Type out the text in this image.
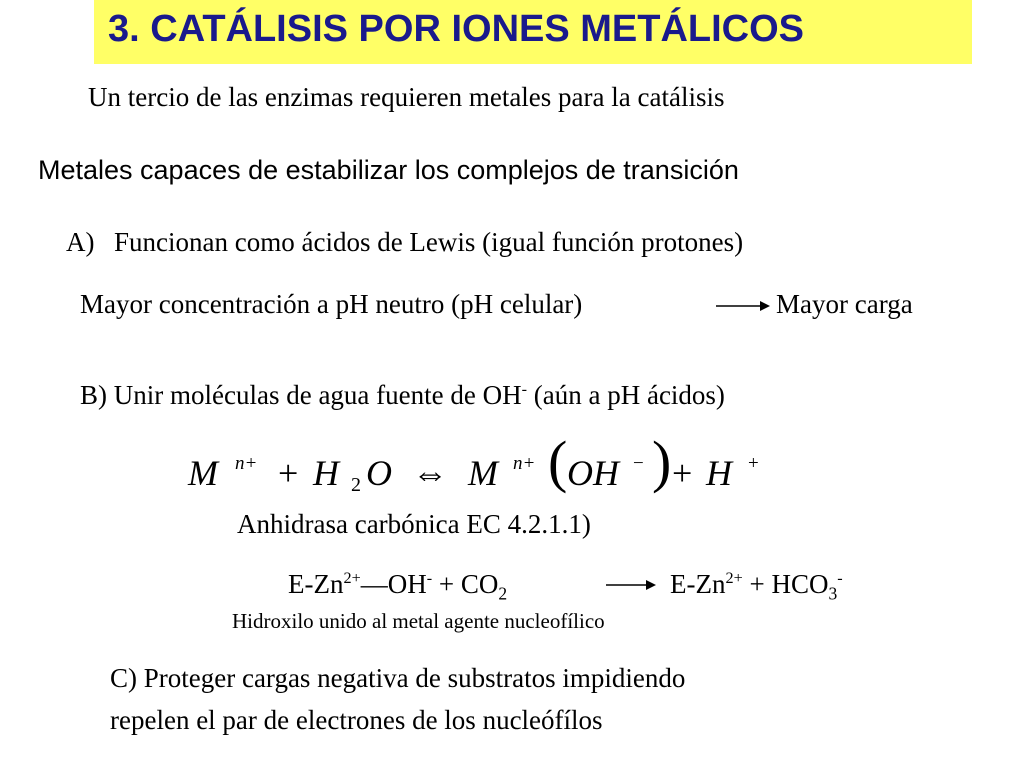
3. CATÁLISIS POR IONES METÁLICOS
Un tercio de las enzimas requieren metales para la catálisis
Metales capaces de estabilizar los complejos de transición
A) Funcionan como ácidos de Lewis (igual función protones)
Mayor concentración a pH neutro (pH celular)	Mayor carga
B) Unir moléculas de agua fuente de OH- (aún a pH ácidos)
M n+ + H 2 O ⇔ M n+ ( OH − ) + H +
Anhidrasa carbónica EC 4.2.1.1)
$E-Zn^{2+}—OH^- + CO_2$	→ $E-Zn^{2+} + HCO_3^-$
Hidroxilo unido al metal agente nucleofílico
C) Proteger cargas negativa de substratos impidiendo
repelen el par de electrones de los nucleófílos
